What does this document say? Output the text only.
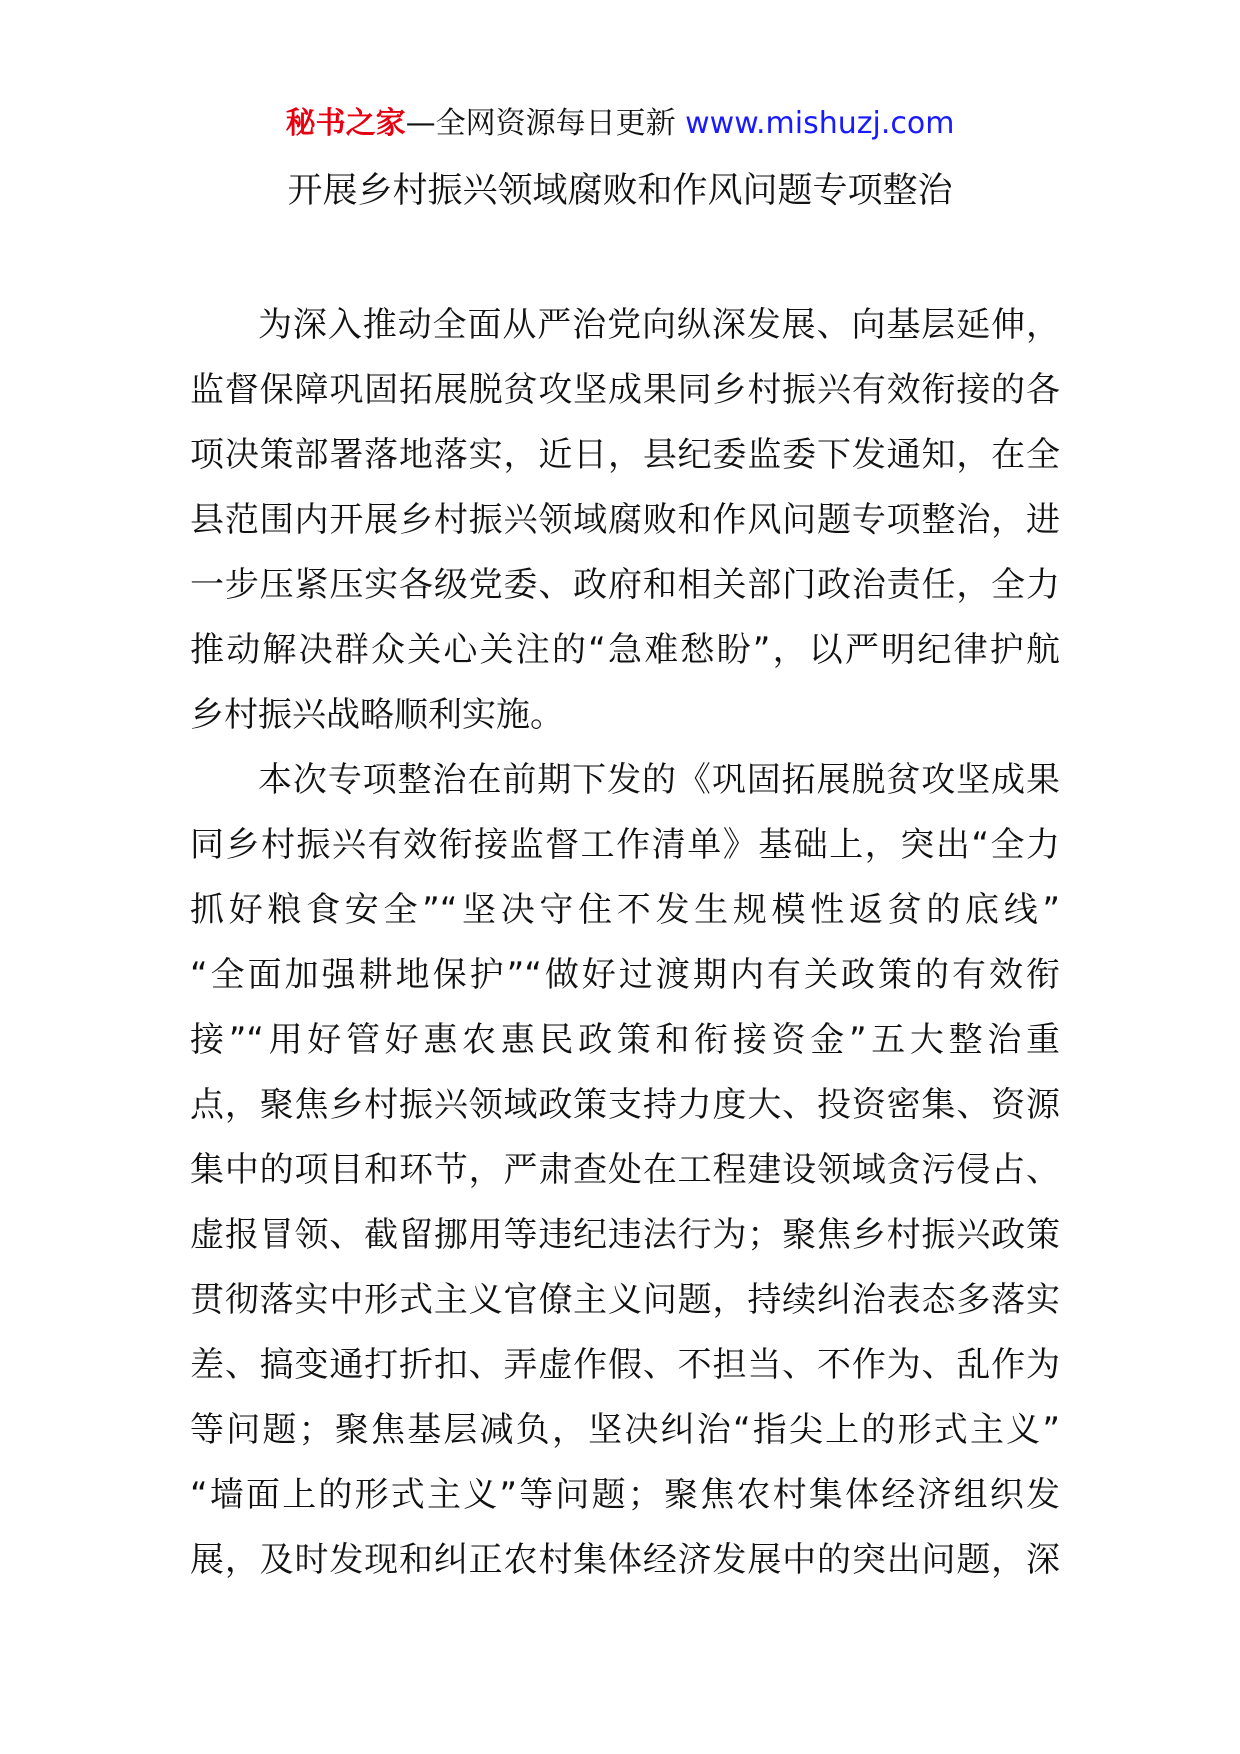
秘书之家—全网资源每日更新 www.mishuzj.com
开展乡村振兴领域腐败和作风问题专项整治
为深入推动全面从严治党向纵深发展、向基层延伸，
监督保障巩固拓展脱贫攻坚成果同乡村振兴有效衔接的各
项决策部署落地落实，近日，县纪委监委下发通知，在全
县范围内开展乡村振兴领域腐败和作风问题专项整治，进
一步压紧压实各级党委、政府和相关部门政治责任，全力
推动解决群众关心关注的“急难愁盼”，以严明纪律护航
乡村振兴战略顺利实施。
本次专项整治在前期下发的《巩固拓展脱贫攻坚成果
同乡村振兴有效衔接监督工作清单》基础上，突出“全力
抓好粮食安全”“坚决守住不发生规模性返贫的底线”
“全面加强耕地保护”“做好过渡期内有关政策的有效衔
接”“用好管好惠农惠民政策和衔接资金”五大整治重
点，聚焦乡村振兴领域政策支持力度大、投资密集、资源
集中的项目和环节，严肃查处在工程建设领域贪污侵占、
虚报冒领、截留挪用等违纪违法行为；聚焦乡村振兴政策
贯彻落实中形式主义官僚主义问题，持续纠治表态多落实
差、搞变通打折扣、弄虚作假、不担当、不作为、乱作为
等问题；聚焦基层减负，坚决纠治“指尖上的形式主义”
“墙面上的形式主义”等问题；聚焦农村集体经济组织发
展，及时发现和纠正农村集体经济发展中的突出问题，深
